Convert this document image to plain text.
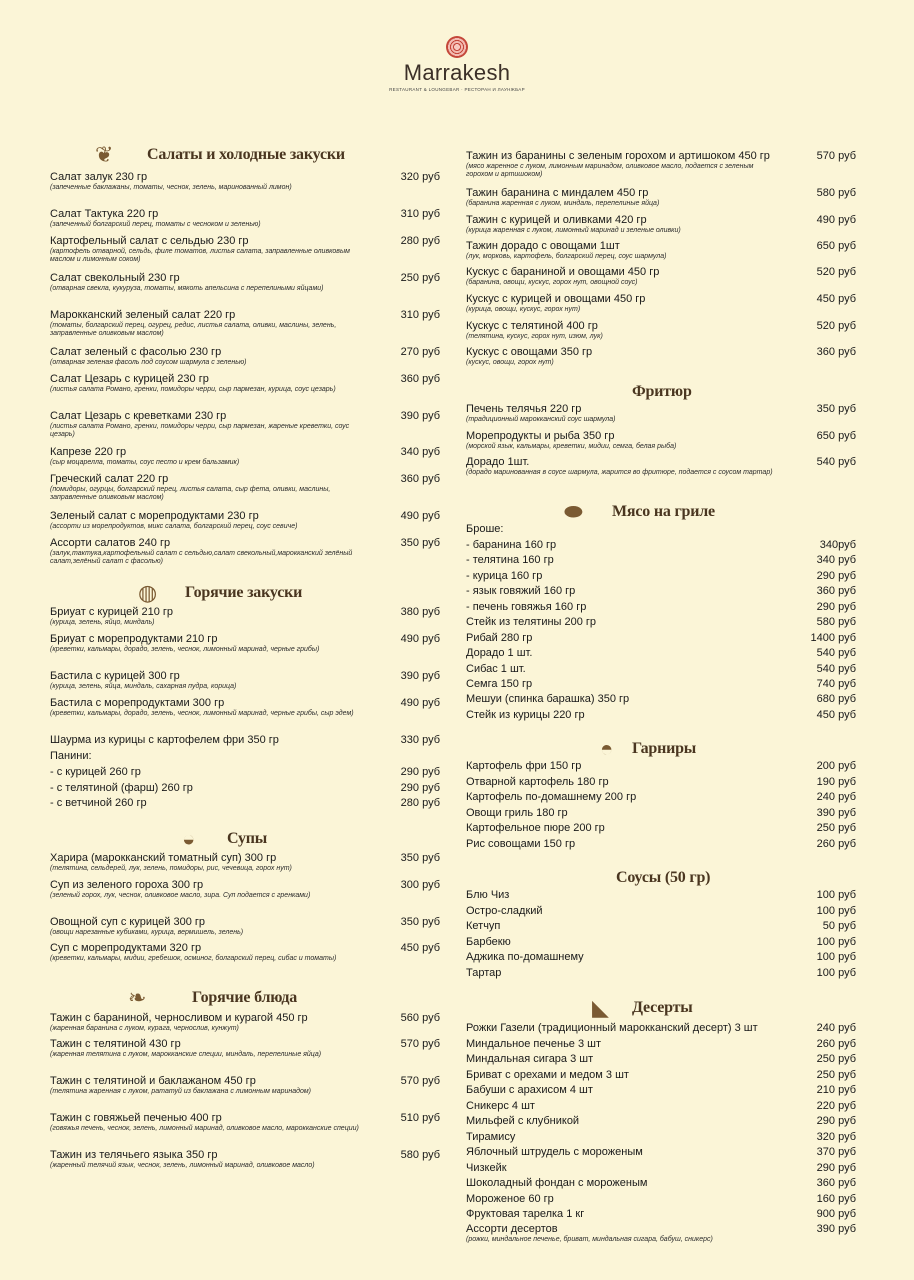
Marrakesh
RESTAURANT & LOUNGEBAR · РЕСТОРАН И ЛАУНЖБАР
❦ Салаты и холодные закуски
Салат залук 230 гр	320 руб
(запеченные баклажаны, томаты, чеснок, зелень, маринованный лимон)
Салат Тактука 220 гр	310 руб
(запеченный болгарский перец, томаты с чесноком и зеленью)
Картофельный салат с сельдью 230 гр	280 руб
(картофель отварной, сельдь, филе томатов, листья салата, заправленные оливковым маслом и лимонным соком)
Салат свекольный 230 гр	250 руб
(отварная свекла, кукуруза, томаты, мякоть апельсина с перепелиными яйцами)
Марокканский зеленый салат 220 гр	310 руб
(томаты, болгарский перец, огурец, редис, листья салата, оливки, маслины, зелень, заправленные оливковым маслом)
Салат зеленый с фасолью 230 гр	270 руб
(отварная зеленая фасоль под соусом шармула с зеленью)
Салат Цезарь с курицей 230 гр	360 руб
(листья салата Романо, гренки, помидоры черри, сыр пармезан, курица, соус цезарь)
Салат Цезарь с креветками 230 гр	390 руб
(листья салата Романо, гренки, помидоры черри, сыр пармезан, жареные креветки, соус цезарь)
Капрезе 220 гр	340 руб
(сыр моцарелла, томаты, соус песто и крем бальзамик)
Греческий салат 220 гр	360 руб
(помидоры, огурцы, болгарский перец, листья салата, сыр фета, оливки, маслины, заправленные оливковым маслом)
Зеленый салат с морепродуктами 230 гр	490 руб
(ассорти из морепродуктов, микс салата, болгарский перец, соус севиче)
Ассорти салатов 240 гр	350 руб
(залук,тактука,картофельный салат с сельдью,салат свекольный,марокканский зелёный салат,зелёный салат с фасолью)
◍ Горячие закуски
Бриуат с курицей 210 гр	380 руб
(курица, зелень, яйцо, миндаль)
Бриуат с морепродуктами 210 гр	490 руб
(креветки, кальмары, дорадо, зелень, чеснок, лимонный маринад, черные грибы)
Бастила с курицей 300 гр	390 руб
(курица, зелень, яйца, миндаль, сахарная пудра, корица)
Бастила с морепродуктами 300 гр	490 руб
(креветки, кальмары, дорадо, зелень, чеснок, лимонный маринад, черные грибы, сыр эдем)
Шаурма из курицы с картофелем фри 350 гр	330 руб
Панини:
- с курицей 260 гр	290 руб
- с телятиной (фарш) 260 гр	290 руб
- с ветчиной 260 гр	280 руб
◒ Супы
Харира (марокканский томатный суп) 300 гр	350 руб
(телятина, сельдерей, лук, зелень, помидоры, рис, чечевица, горох нут)
Суп из зеленого гороха 300 гр	300 руб
(зеленый горох, лук, чеснок, оливковое масло, зира. Суп подается с гренками)
Овощной суп с курицей 300 гр	350 руб
(овощи нарезанные кубиками, курица, вермишель, зелень)
Суп с морепродуктами 320 гр	450 руб
(креветки, кальмары, мидии, гребешок, осминог, болгарский перец, сибас и томаты)
❧	Горячие блюда
Тажин с бараниной, черносливом и курагой 450 гр	560 руб
(жаренная баранина с луком, курага, чернослив, кунжут)
Тажин с телятиной 430 гр	570 руб
(жаренная телятина с луком, марокканские специи, миндаль, перепелиные яйца)
Тажин с телятиной и баклажаном 450 гр	570 руб
(телятина жаренная с луком, рататуй из баклажана с лимонным маринадом)
Тажин с говяжьей печенью 400 гр	510 руб
(говяжья печень, чеснок, зелень, лимонный маринад, оливковое масло, марокканские специи)
Тажин из телячьего языка 350 гр	580 руб
(жаренный телячий язык, чеснок, зелень, лимонный маринад, оливковое масло)
Тажин из баранины с зеленым горохом и артишоком 450 гр	570 руб
(мясо жаренное с луком, лимонным маринадом, оливковое масло, подается с зеленым горохом и артишоком)
Тажин баранина с миндалем 450 гр	580 руб
(баранина жаренная с луком, миндаль, перепелиные яйца)
Тажин с курицей и оливками 420 гр	490 руб
(курица жаренная с луком, лимонный маринад и зеленые оливки)
Тажин дорадо с овощами 1шт	650 руб
(лук, морковь, картофель, болгарский перец, соус шармула)
Кускус с бараниной и овощами 450 гр	520 руб
(баранина, овощи, кускус, горох нут, овощной соус)
Кускус с курицей и овощами 450 гр	450 руб
(курица, овощи, кускус, горох нут)
Кускус с телятиной 400 гр	520 руб
(телятина, кускус, горох нут, изюм, лук)
Кускус с овощами 350 гр	360 руб
(кускус, овощи, горох нут)
Фритюр
Печень телячья 220 гр	350 руб
(традиционный марокканский соус шармула)
Морепродукты и рыба 350 гр	650 руб
(морской язык, кальмары, креветки, мидии, семга, белая рыба)
Дорадо 1шт.	540 руб
(дорадо маринованная в соусе шармула, жарится во фритюре, подается с соусом тартар)
⬬ Мясо на гриле
Броше:
- баранина 160 гр	340руб
- телятина 160 гр	340 руб
- курица 160 гр	290 руб
- язык говяжий 160 гр	360 руб
- печень говяжья 160 гр	290 руб
Стейк из телятины 200 гр	580 руб
Рибай 280 гр	1400 руб
Дорадо 1 шт.	540 руб
Сибас 1 шт.	540 руб
Семга 150 гр	740 руб
Мешуи (спинка барашка) 350 гр	680 руб
Стейк из курицы 220 гр	450 руб
◓ Гарниры
Картофель фри 150 гр	200 руб
Отварной картофель 180 гр	190 руб
Картофель по-домашнему 200 гр	240 руб
Овощи гриль 180 гр	390 руб
Картофельное пюре 200 гр	250 руб
Рис совощами 150 гр	260 руб
Соусы (50 гр)
Блю Чиз	100 руб
Остро-сладкий	100 руб
Кетчуп	50 руб
Барбекю	100 руб
Аджика по-домашнему	100 руб
Тартар	100 руб
◣ Десерты
Рожки Газели (традиционный марокканский десерт) 3 шт	240 руб
Миндальное печенье 3 шт	260 руб
Миндальная сигара 3 шт	250 руб
Бриват с орехами и медом 3 шт	250 руб
Бабуши с арахисом 4 шт	210 руб
Сникерс 4 шт	220 руб
Мильфей с клубникой	290 руб
Тирамису	320 руб
Яблочный штрудель с мороженым	370 руб
Чизкейк	290 руб
Шоколадный фондан с мороженым	360 руб
Мороженое 60 гр	160 руб
Фруктовая тарелка 1 кг	900 руб
Ассорти десертов	390 руб
(рожки, миндальное печенье, бриват, миндальная сигара, бабуш, сникерс)
